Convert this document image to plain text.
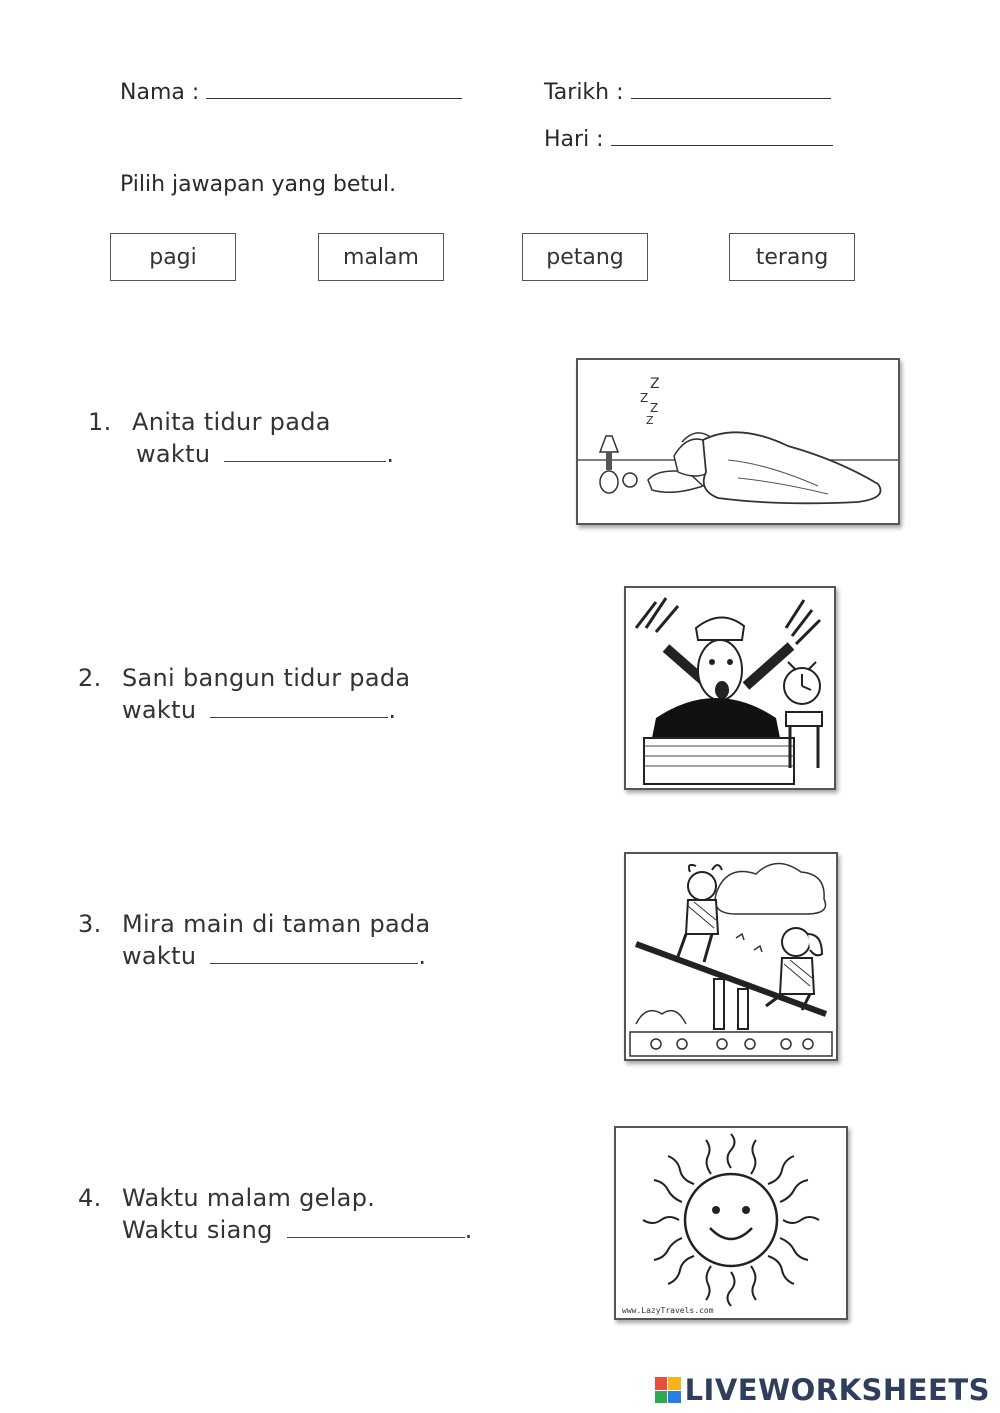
Nama :	Tarikh :
Hari :
Pilih jawapan yang betul.
pagi	malam	petang	terang
1. Anita tidur pada
waktu	.
Z
Z
Z
Z
2. Sani bangun tidur pada
waktu	.
3. Mira main di taman pada
waktu	.
4. Waktu malam gelap.
Waktu siang	.
www.LazyTravels.com
LIVEWORKSHEETS
